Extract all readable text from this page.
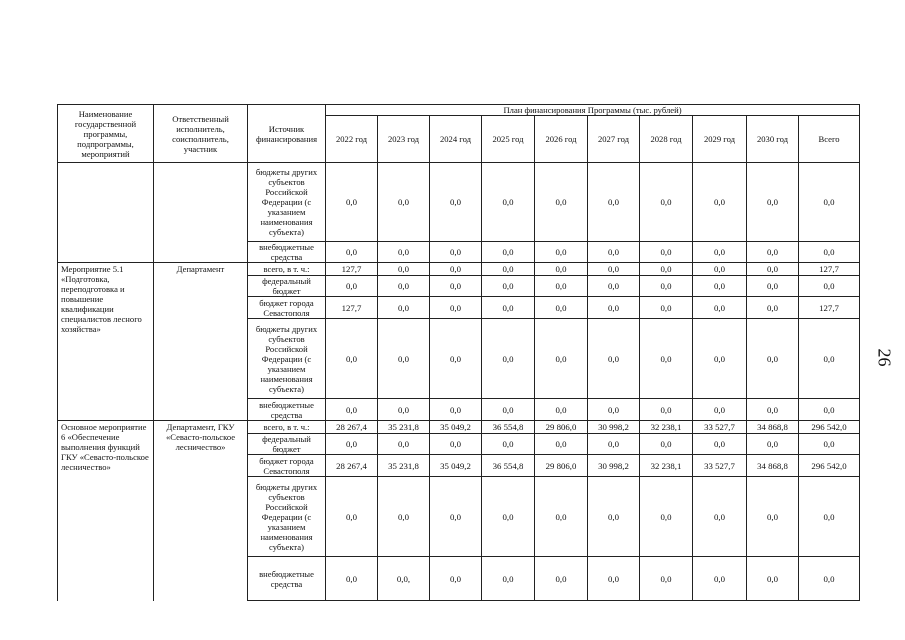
Наименование государственной программы, подпрограммы, мероприятий	Ответственный исполнитель, соисполнитель, участник	Источник финансирования	План финансирования Программы (тыс. рублей)									
			2022 год	2023 год	2024 год	2025 год	2026 год	2027 год	2028 год	2029 год	2030 год	Всего
		бюджеты других субъектов Российской Федерации (с указанием наименования субъекта)	0,0	0,0	0,0	0,0	0,0	0,0	0,0	0,0	0,0	0,0
		внебюджетные средства	0,0	0,0	0,0	0,0	0,0	0,0	0,0	0,0	0,0	0,0
Мероприятие 5.1 «Подготовка, переподготовка и повышение квалификации специалистов лесного хозяйства»	Департамент	всего, в т. ч.:	127,7	0,0	0,0	0,0	0,0	0,0	0,0	0,0	0,0	127,7
		федеральный бюджет	0,0	0,0	0,0	0,0	0,0	0,0	0,0	0,0	0,0	0,0
		бюджет города Севастополя	127,7	0,0	0,0	0,0	0,0	0,0	0,0	0,0	0,0	127,7
		бюджеты других субъектов Российской Федерации (с указанием наименования субъекта)	0,0	0,0	0,0	0,0	0,0	0,0	0,0	0,0	0,0	0,0
		внебюджетные средства	0,0	0,0	0,0	0,0	0,0	0,0	0,0	0,0	0,0	0,0
Основное мероприятие 6 «Обеспечение выполнения функций ГКУ «Севасто-польское лесничество»	Департамент, ГКУ «Севасто-польское лесничество»	всего, в т. ч.:	28 267,4	35 231,8	35 049,2	36 554,8	29 806,0	30 998,2	32 238,1	33 527,7	34 868,8	296 542,0
		федеральный бюджет	0,0	0,0	0,0	0,0	0,0	0,0	0,0	0,0	0,0	0,0
		бюджет города Севастополя	28 267,4	35 231,8	35 049,2	36 554,8	29 806,0	30 998,2	32 238,1	33 527,7	34 868,8	296 542,0
		бюджеты других субъектов Российской Федерации (с указанием наименования субъекта)	0,0	0,0	0,0	0,0	0,0	0,0	0,0	0,0	0,0	0,0
		внебюджетные средства	0,0	0,0,	0,0	0,0	0,0	0,0	0,0	0,0	0,0	0,0
26
